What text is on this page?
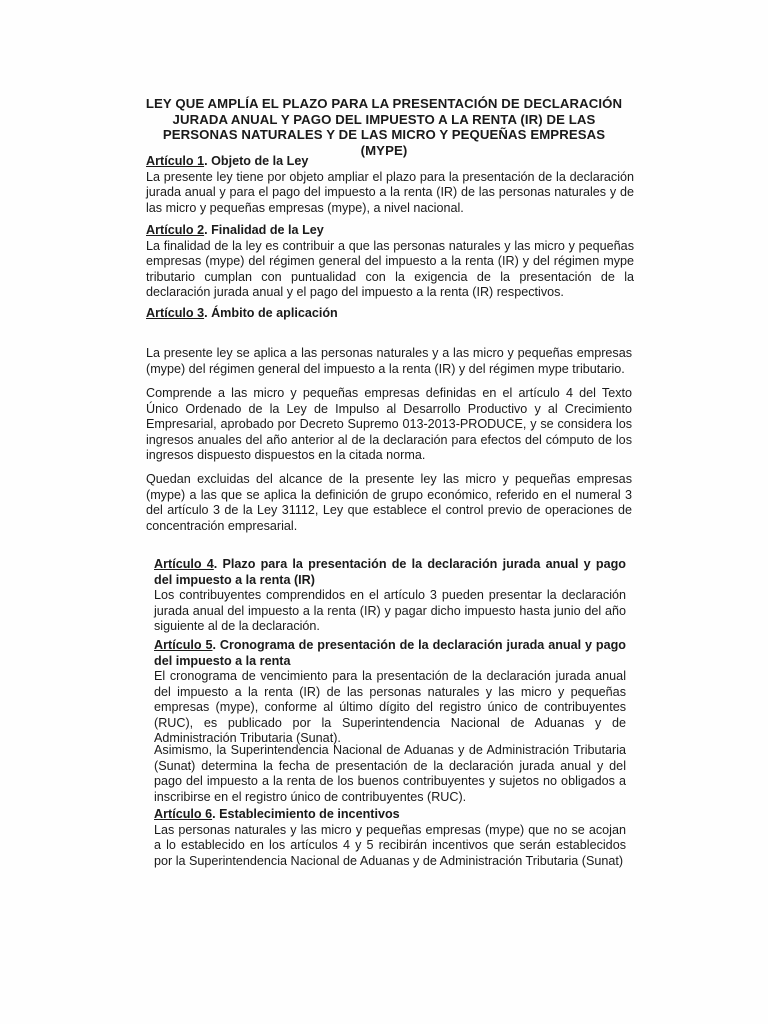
LEY QUE AMPLÍA EL PLAZO PARA LA PRESENTACIÓN DE DECLARACIÓN JURADA ANUAL Y PAGO DEL IMPUESTO A LA RENTA (IR) DE LAS PERSONAS NATURALES Y DE LAS MICRO Y PEQUEÑAS EMPRESAS (MYPE)
Artículo 1. Objeto de la Ley
La presente ley tiene por objeto ampliar el plazo para la presentación de la declaración jurada anual y para el pago del impuesto a la renta (IR) de las personas naturales y de las micro y pequeñas empresas (mype), a nivel nacional.
Artículo 2. Finalidad de la Ley
La finalidad de la ley es contribuir a que las personas naturales y las micro y pequeñas empresas (mype) del régimen general del impuesto a la renta (IR) y del régimen mype tributario cumplan con puntualidad con la exigencia de la presentación de la declaración jurada anual y el pago del impuesto a la renta (IR) respectivos.
Artículo 3. Ámbito de aplicación
La presente ley se aplica a las personas naturales y a las micro y pequeñas empresas (mype) del régimen general del impuesto a la renta (IR) y del régimen mype tributario.
Comprende a las micro y pequeñas empresas definidas en el artículo 4 del Texto Único Ordenado de la Ley de Impulso al Desarrollo Productivo y al Crecimiento Empresarial, aprobado por Decreto Supremo 013-2013-PRODUCE, y se considera los ingresos anuales del año anterior al de la declaración para efectos del cómputo de los ingresos dispuesto dispuestos en la citada norma.
Quedan excluidas del alcance de la presente ley las micro y pequeñas empresas (mype) a las que se aplica la definición de grupo económico, referido en el numeral 3 del artículo 3 de la Ley 31112, Ley que establece el control previo de operaciones de concentración empresarial.
Artículo 4. Plazo para la presentación de la declaración jurada anual y pago del impuesto a la renta (IR)
Los contribuyentes comprendidos en el artículo 3 pueden presentar la declaración jurada anual del impuesto a la renta (IR) y pagar dicho impuesto hasta junio del año siguiente al de la declaración.
Artículo 5. Cronograma de presentación de la declaración jurada anual y pago del impuesto a la renta
El cronograma de vencimiento para la presentación de la declaración jurada anual del impuesto a la renta (IR) de las personas naturales y las micro y pequeñas empresas (mype), conforme al último dígito del registro único de contribuyentes (RUC), es publicado por la Superintendencia Nacional de Aduanas y de Administración Tributaria (Sunat).
Asimismo, la Superintendencia Nacional de Aduanas y de Administración Tributaria (Sunat) determina la fecha de presentación de la declaración jurada anual y del pago del impuesto a la renta de los buenos contribuyentes y sujetos no obligados a inscribirse en el registro único de contribuyentes (RUC).
Artículo 6. Establecimiento de incentivos
Las personas naturales y las micro y pequeñas empresas (mype) que no se acojan a lo establecido en los artículos 4 y 5 recibirán incentivos que serán establecidos por la Superintendencia Nacional de Aduanas y de Administración Tributaria (Sunat)
